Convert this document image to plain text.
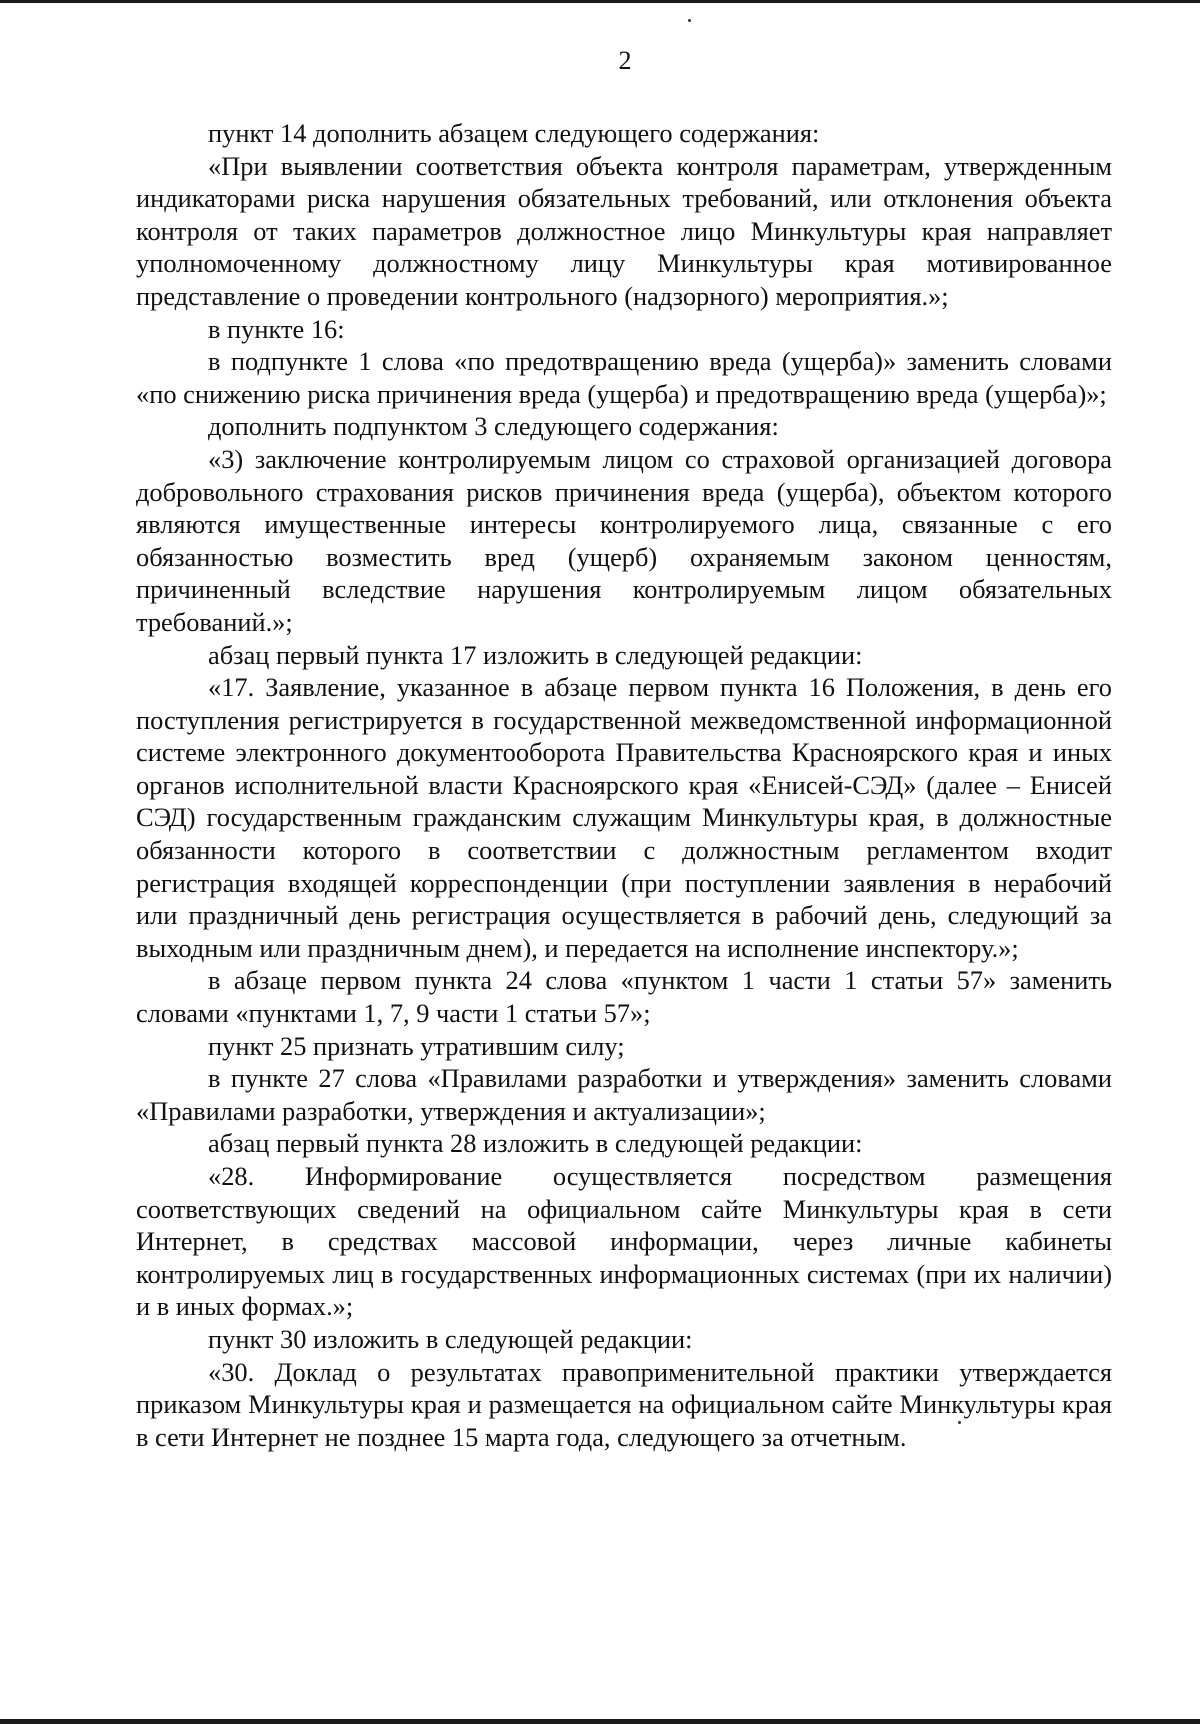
2

пункт 14 дополнить абзацем следующего содержания:

«При выявлении соответствия объекта контроля параметрам, утвержденным индикаторами риска нарушения обязательных требований, или отклонения объекта контроля от таких параметров должностное лицо Минкультуры края направляет уполномоченному должностному лицу Минкультуры края мотивированное представление о проведении контрольного (надзорного) мероприятия.»;

в пункте 16:

в подпункте 1 слова «по предотвращению вреда (ущерба)» заменить словами «по снижению риска причинения вреда (ущерба) и предотвращению вреда (ущерба)»;

дополнить подпунктом 3 следующего содержания:

«3) заключение контролируемым лицом со страховой организацией договора добровольного страхования рисков причинения вреда (ущерба), объектом которого являются имущественные интересы контролируемого лица, связанные с его обязанностью возместить вред (ущерб) охраняемым законом ценностям, причиненный вследствие нарушения контролируемым лицом обязательных требований.»;

абзац первый пункта 17 изложить в следующей редакции:

«17. Заявление, указанное в абзаце первом пункта 16 Положения, в день его поступления регистрируется в государственной межведомственной информационной системе электронного документооборота Правительства Красноярского края и иных органов исполнительной власти Красноярского края «Енисей-СЭД» (далее – Енисей СЭД) государственным гражданским служащим Минкультуры края, в должностные обязанности которого в соответствии с должностным регламентом входит регистрация входящей корреспонденции (при поступлении заявления в нерабочий или праздничный день регистрация осуществляется в рабочий день, следующий за выходным или праздничным днем), и передается на исполнение инспектору.»;

в абзаце первом пункта 24 слова «пунктом 1 части 1 статьи 57» заменить словами «пунктами 1, 7, 9 части 1 статьи 57»;

пункт 25 признать утратившим силу;

в пункте 27 слова «Правилами разработки и утверждения» заменить словами «Правилами разработки, утверждения и актуализации»;

абзац первый пункта 28 изложить в следующей редакции:

«28. Информирование осуществляется посредством размещения соответствующих сведений на официальном сайте Минкультуры края в сети Интернет, в средствах массовой информации, через личные кабинеты контролируемых лиц в государственных информационных системах (при их наличии) и в иных формах.»;

пункт 30 изложить в следующей редакции:

«30. Доклад о результатах правоприменительной практики утверждается приказом Минкультуры края и размещается на официальном сайте Минкультуры края в сети Интернет не позднее 15 марта года, следующего за отчетным.
